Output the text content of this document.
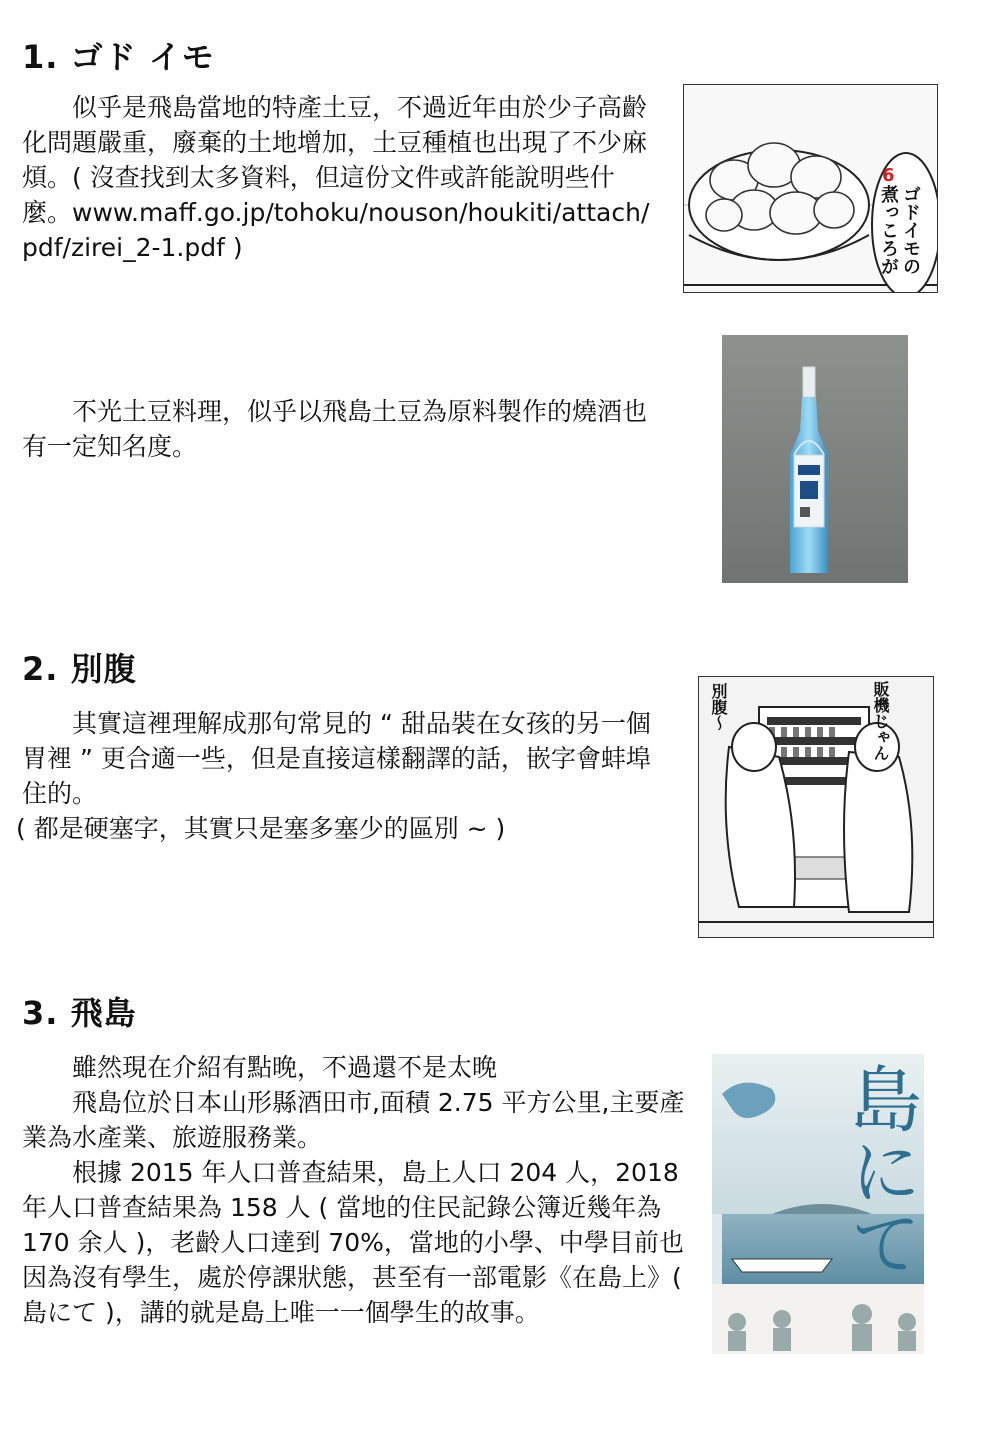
1. ゴド イモ

似乎是飛島當地的特產土豆，不過近年由於少子高齡化問題嚴重，廢棄的土地增加，土豆種植也出現了不少麻煩。( 沒查找到太多資料，但這份文件或許能說明些什麼。www.maff.go.jp/tohoku/nouson/houkiti/attach/pdf/zirei_2-1.pdf )

6
ゴドイモの煮っころが

不光土豆料理，似乎以飛島土豆為原料製作的燒酒也有一定知名度。

2. 別腹

其實這裡理解成那句常見的 “ 甜品裝在女孩的另一個胃裡 ” 更合適一些，但是直接這樣翻譯的話，嵌字會蚌埠住的。

( 都是硬塞字，其實只是塞多塞少的區別 ~ )

別腹〜	販機じゃん
3. 飛島

雖然現在介紹有點晚，不過還不是太晚

飛島位於日本山形縣酒田市,面積 2.75 平方公里,主要產業為水產業、旅遊服務業。

根據 2015 年人口普查結果，島上人口 204 人，2018 年人口普查結果為 158 人 ( 當地的住民記錄公簿近幾年為 170 余人 )，老齡人口達到 70%，當地的小學、中學目前也因為沒有學生，處於停課狀態，甚至有一部電影《在島上》( 島にて )，講的就是島上唯一一個學生的故事。

島にて
